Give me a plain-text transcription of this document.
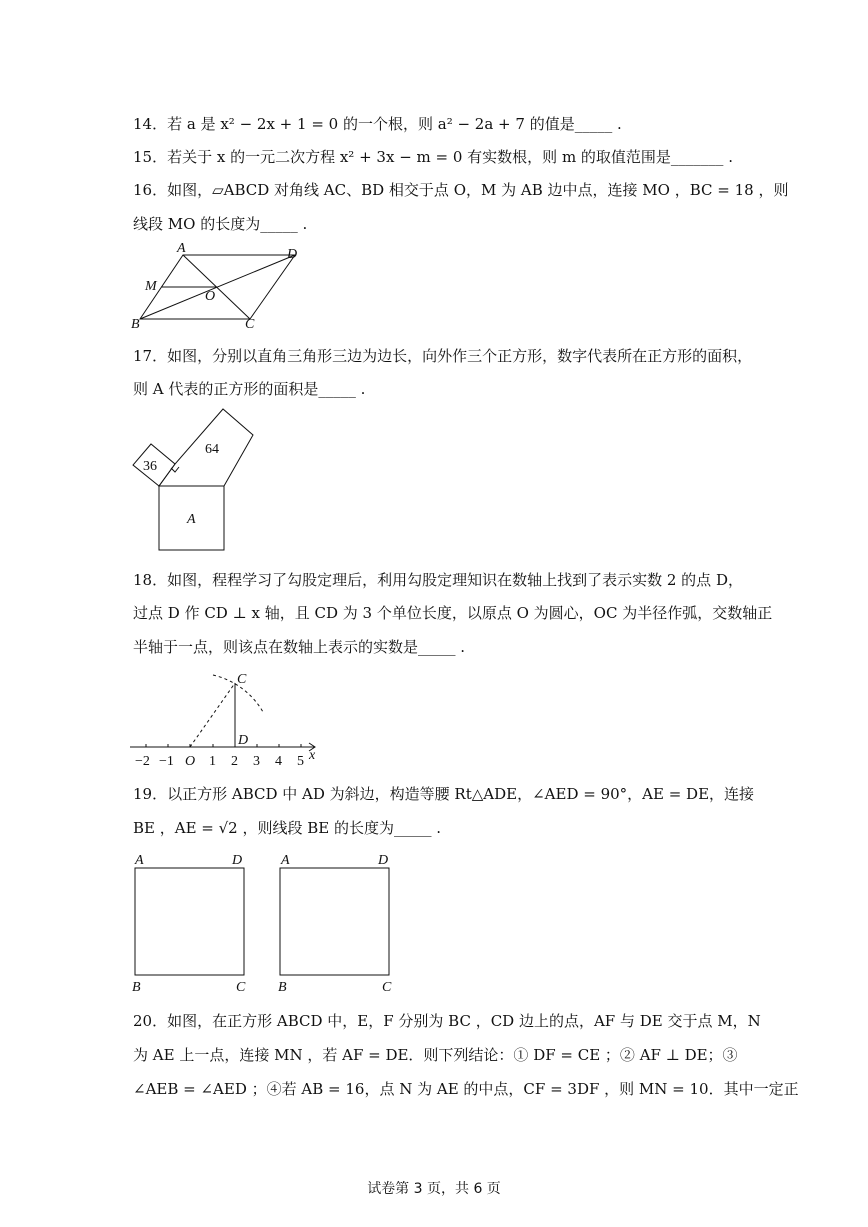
14．若 a 是 x² − 2x + 1 = 0 的一个根，则 a² − 2a + 7 的值是_____ .
15．若关于 x 的一元二次方程 x² + 3x − m = 0 有实数根，则 m 的取值范围是_______ .
16．如图，▱ABCD 对角线 AC、BD 相交于点 O，M 为 AB 边中点，连接 MO ，BC = 18 ，则
线段 MO 的长度为_____ .
A	D
M
O
B	C
17．如图，分别以直角三角形三边为边长，向外作三个正方形，数字代表所在正方形的面积，
则 A 代表的正方形的面积是_____ .
36
64
A
18．如图，程程学习了勾股定理后，利用勾股定理知识在数轴上找到了表示实数 2 的点 D，
过点 D 作 CD ⊥ x 轴，且 CD 为 3 个单位长度，以原点 O 为圆心，OC 为半径作弧，交数轴正
半轴于一点，则该点在数轴上表示的实数是_____ .
C
D
x
−2 −1 O 1 2 3 4 5
19．以正方形 ABCD 中 AD 为斜边，构造等腰 Rt△ADE，∠AED = 90°，AE = DE，连接
BE ，AE = √2 ，则线段 BE 的长度为_____ .
A	D
B	C
A	D
B	C
20．如图，在正方形 ABCD 中，E，F 分别为 BC ，CD 边上的点，AF 与 DE 交于点 M，N
为 AE 上一点，连接 MN ，若 AF = DE．则下列结论：① DF = CE ；② AF ⊥ DE；③
∠AEB = ∠AED ；④若 AB = 16，点 N 为 AE 的中点，CF = 3DF ，则 MN = 10．其中一定正
试卷第 3 页，共 6 页
